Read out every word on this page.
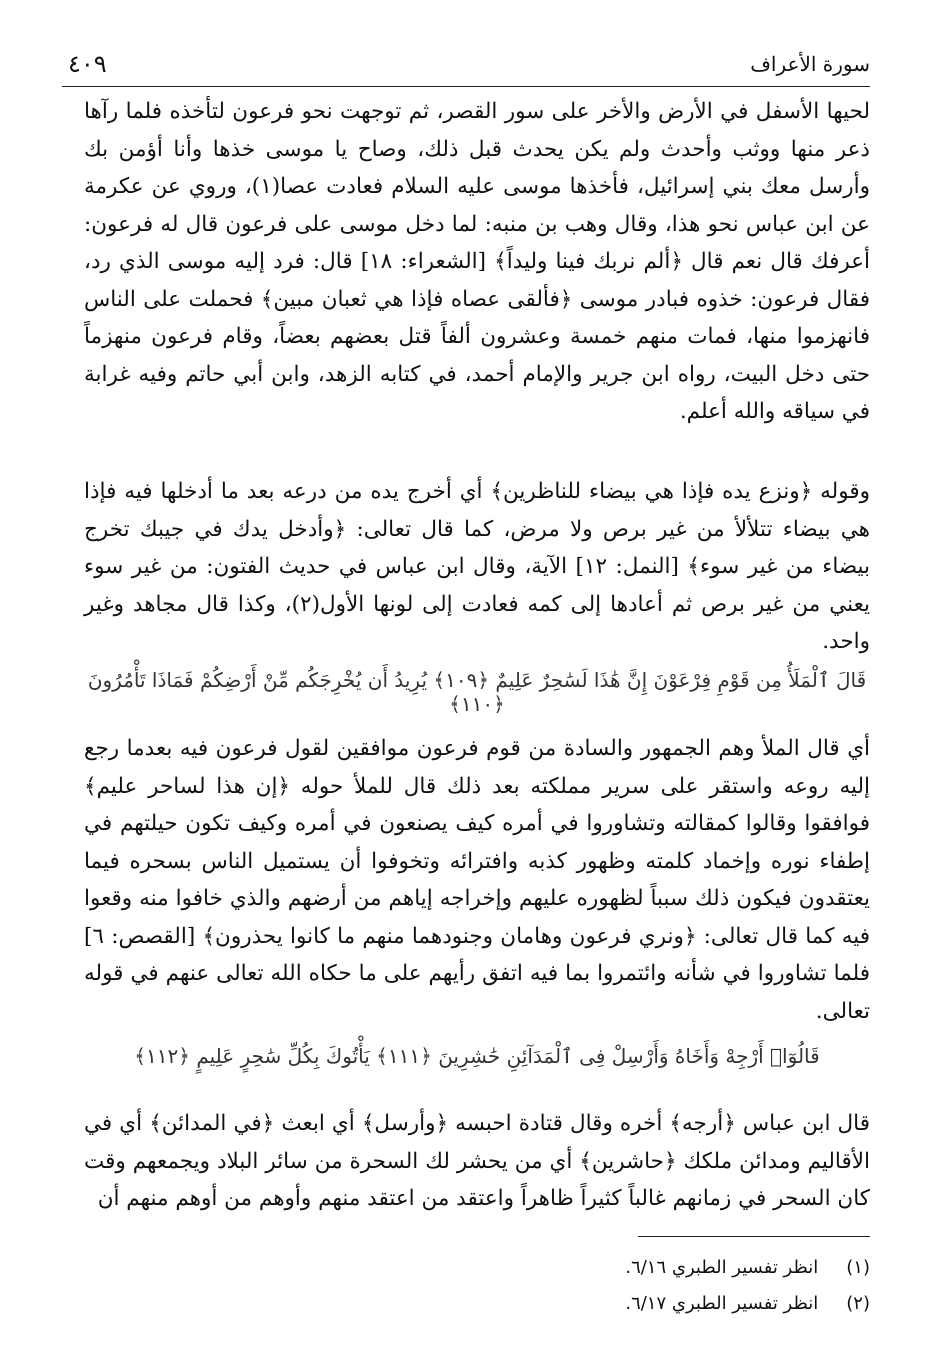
سورة الأعراف
٤٠٩

لحيها الأسفل في الأرض والأخر على سور القصر، ثم توجهت نحو فرعون لتأخذه فلما رآها ذعر منها ووثب وأحدث ولم يكن يحدث قبل ذلك، وصاح يا موسى خذها وأنا أؤمن بك وأرسل معك بني إسرائيل، فأخذها موسى عليه السلام فعادت عصا(١)، وروي عن عكرمة عن ابن عباس نحو هذا، وقال وهب بن منبه: لما دخل موسى على فرعون قال له فرعون: أعرفك قال نعم قال ﴿ألم نربك فينا وليداً﴾ [الشعراء: ١٨] قال: فرد إليه موسى الذي رد، فقال فرعون: خذوه فبادر موسى ﴿فألقى عصاه فإذا هي ثعبان مبين﴾ فحملت على الناس فانهزموا منها، فمات منهم خمسة وعشرون ألفاً قتل بعضهم بعضاً، وقام فرعون منهزماً حتى دخل البيت، رواه ابن جرير والإمام أحمد، في كتابه الزهد، وابن أبي حاتم وفيه غرابة في سياقه والله أعلم.

وقوله ﴿ونزع يده فإذا هي بيضاء للناظرين﴾ أي أخرج يده من درعه بعد ما أدخلها فيه فإذا هي بيضاء تتلألأ من غير برص ولا مرض، كما قال تعالى: ﴿وأدخل يدك في جيبك تخرج بيضاء من غير سوء﴾ [النمل: ١٢] الآية، وقال ابن عباس في حديث الفتون: من غير سوء يعني من غير برص ثم أعادها إلى كمه فعادت إلى لونها الأول(٢)، وكذا قال مجاهد وغير واحد.

قَالَ ٱلْمَلَأُ مِن قَوْمِ فِرْعَوْنَ إِنَّ هَٰذَا لَسَٰحِرٌ عَلِيمٌ ﴿١٠٩﴾ يُرِيدُ أَن يُخْرِجَكُم مِّنْ أَرْضِكُمْ فَمَاذَا تَأْمُرُونَ ﴿١١٠﴾

أي قال الملأ وهم الجمهور والسادة من قوم فرعون موافقين لقول فرعون فيه بعدما رجع إليه روعه واستقر على سرير مملكته بعد ذلك قال للملأ حوله ﴿إن هذا لساحر عليم﴾ فوافقوا وقالوا كمقالته وتشاوروا في أمره كيف يصنعون في أمره وكيف تكون حيلتهم في إطفاء نوره وإخماد كلمته وظهور كذبه وافترائه وتخوفوا أن يستميل الناس بسحره فيما يعتقدون فيكون ذلك سبباً لظهوره عليهم وإخراجه إياهم من أرضهم والذي خافوا منه وقعوا فيه كما قال تعالى: ﴿ونري فرعون وهامان وجنودهما منهم ما كانوا يحذرون﴾ [القصص: ٦] فلما تشاوروا في شأنه وائتمروا بما فيه اتفق رأيهم على ما حكاه الله تعالى عنهم في قوله تعالى.

قَالُوٓا۟ أَرْجِهْ وَأَخَاهُ وَأَرْسِلْ فِى ٱلْمَدَآئِنِ حَٰشِرِينَ ﴿١١١﴾ يَأْتُوكَ بِكُلِّ سَٰحِرٍ عَلِيمٍ ﴿١١٢﴾

قال ابن عباس ﴿أرجه﴾ أخره وقال قتادة احبسه ﴿وأرسل﴾ أي ابعث ﴿في المدائن﴾ أي في الأقاليم ومدائن ملكك ﴿حاشرين﴾ أي من يحشر لك السحرة من سائر البلاد ويجمعهم وقت كان السحر في زمانهم غالباً كثيراً ظاهراً واعتقد من اعتقد منهم وأوهم من أوهم منهم أن

(١) انظر تفسير الطبري ٦/١٦.
(٢) انظر تفسير الطبري ٦/١٧.
